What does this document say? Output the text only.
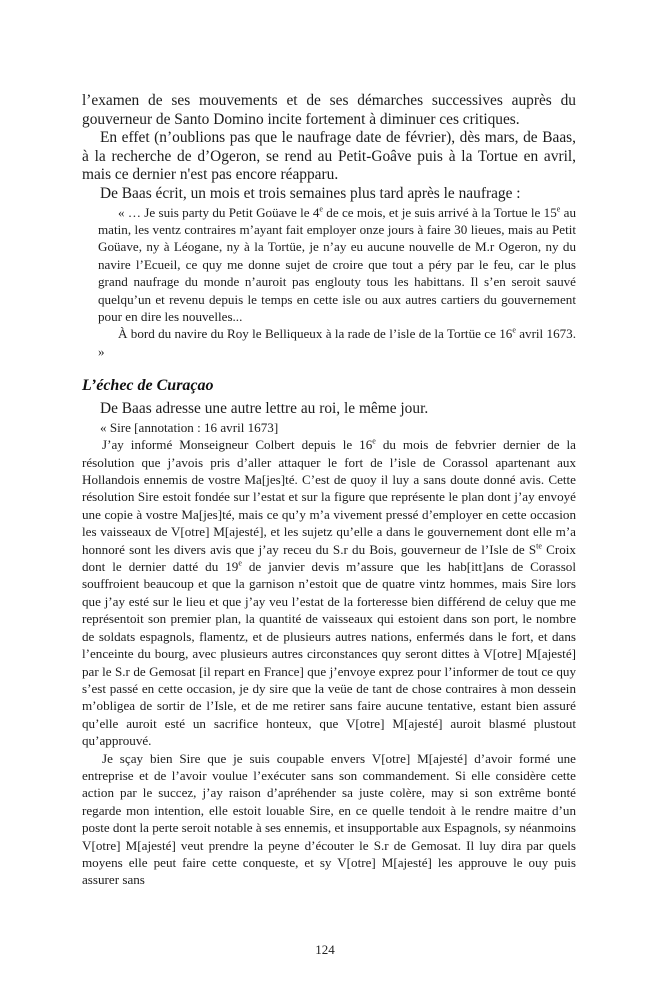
l’examen de ses mouvements et de ses démarches successives auprès du gouverneur de Santo Domino incite fortement à diminuer ces critiques.

En effet (n’oublions pas que le naufrage date de février), dès mars, de Baas, à la recherche de d’Ogeron, se rend au Petit-Goâve puis à la Tortue en avril, mais ce dernier n'est pas encore réapparu.

De Baas écrit, un mois et trois semaines plus tard après le naufrage :

« … Je suis party du Petit Goüave le 4e de ce mois, et je suis arrivé à la Tortue le 15e au matin, les ventz contraires m’ayant fait employer onze jours à faire 30 lieues, mais au Petit Goüave, ny à Léogane, ny à la Tortüe, je n’ay eu aucune nouvelle de M.r Ogeron, ny du navire l’Ecueil, ce quy me donne sujet de croire que tout a péry par le feu, car le plus grand naufrage du monde n’auroit pas englouty tous les habittans. Il s’en seroit sauvé quelqu’un et revenu depuis le temps en cette isle ou aux autres cartiers du gouvernement pour en dire les nouvelles...

À bord du navire du Roy le Belliqueux à la rade de l’isle de la Tortüe ce 16e avril 1673. »

L’échec de Curaçao

De Baas adresse une autre lettre au roi, le même jour.

« Sire [annotation : 16 avril 1673]

J’ay informé Monseigneur Colbert depuis le 16e du mois de febvrier dernier de la résolution que j’avois pris d’aller attaquer le fort de l’isle de Corassol apartenant aux Hollandois ennemis de vostre Ma[jes]té. C’est de quoy il luy a sans doute donné avis. Cette résolution Sire estoit fondée sur l’estat et sur la figure que représente le plan dont j’ay envoyé une copie à vostre Ma[jes]té, mais ce qu’y m’a vivement pressé d’employer en cette occasion les vaisseaux de V[otre] M[ajesté], et les sujetz qu’elle a dans le gouvernement dont elle m’a honnoré sont les divers avis que j’ay receu du S.r du Bois, gouverneur de l’Isle de $S^{te}$ Croix dont le dernier datté du 19e de janvier devis m’assure que les hab[itt]ans de Corassol souffroient beaucoup et que la garnison n’estoit que de quatre vintz hommes, mais Sire lors que j’ay esté sur le lieu et que j’ay veu l’estat de la forteresse bien différend de celuy que me représentoit son premier plan, la quantité de vaisseaux qui estoient dans son port, le nombre de soldats espagnols, flamentz, et de plusieurs autres nations, enfermés dans le fort, et dans l’enceinte du bourg, avec plusieurs autres circonstances quy seront dittes à V[otre] M[ajesté] par le S.r de Gemosat [il repart en France] que j’envoye exprez pour l’informer de tout ce quy s’est passé en cette occasion, je dy sire que la veüe de tant de chose contraires à mon dessein m’obligea de sortir de l’Isle, et de me retirer sans faire aucune tentative, estant bien assuré qu’elle auroit esté un sacrifice honteux, que V[otre] M[ajesté] auroit blasmé plustout qu’approuvé.

Je sçay bien Sire que je suis coupable envers V[otre] M[ajesté] d’avoir formé une entreprise et de l’avoir voulue l’exécuter sans son commandement. Si elle considère cette action par le succez, j’ay raison d’apréhender sa juste colère, may si son extrême bonté regarde mon intention, elle estoit louable Sire, en ce quelle tendoit à le rendre maitre d’un poste dont la perte seroit notable à ses ennemis, et insupportable aux Espagnols, sy néanmoins V[otre] M[ajesté] veut prendre la peyne d’écouter le S.r de Gemosat. Il luy dira par quels moyens elle peut faire cette conqueste, et sy V[otre] M[ajesté] les approuve le ouy puis assurer sans

124
